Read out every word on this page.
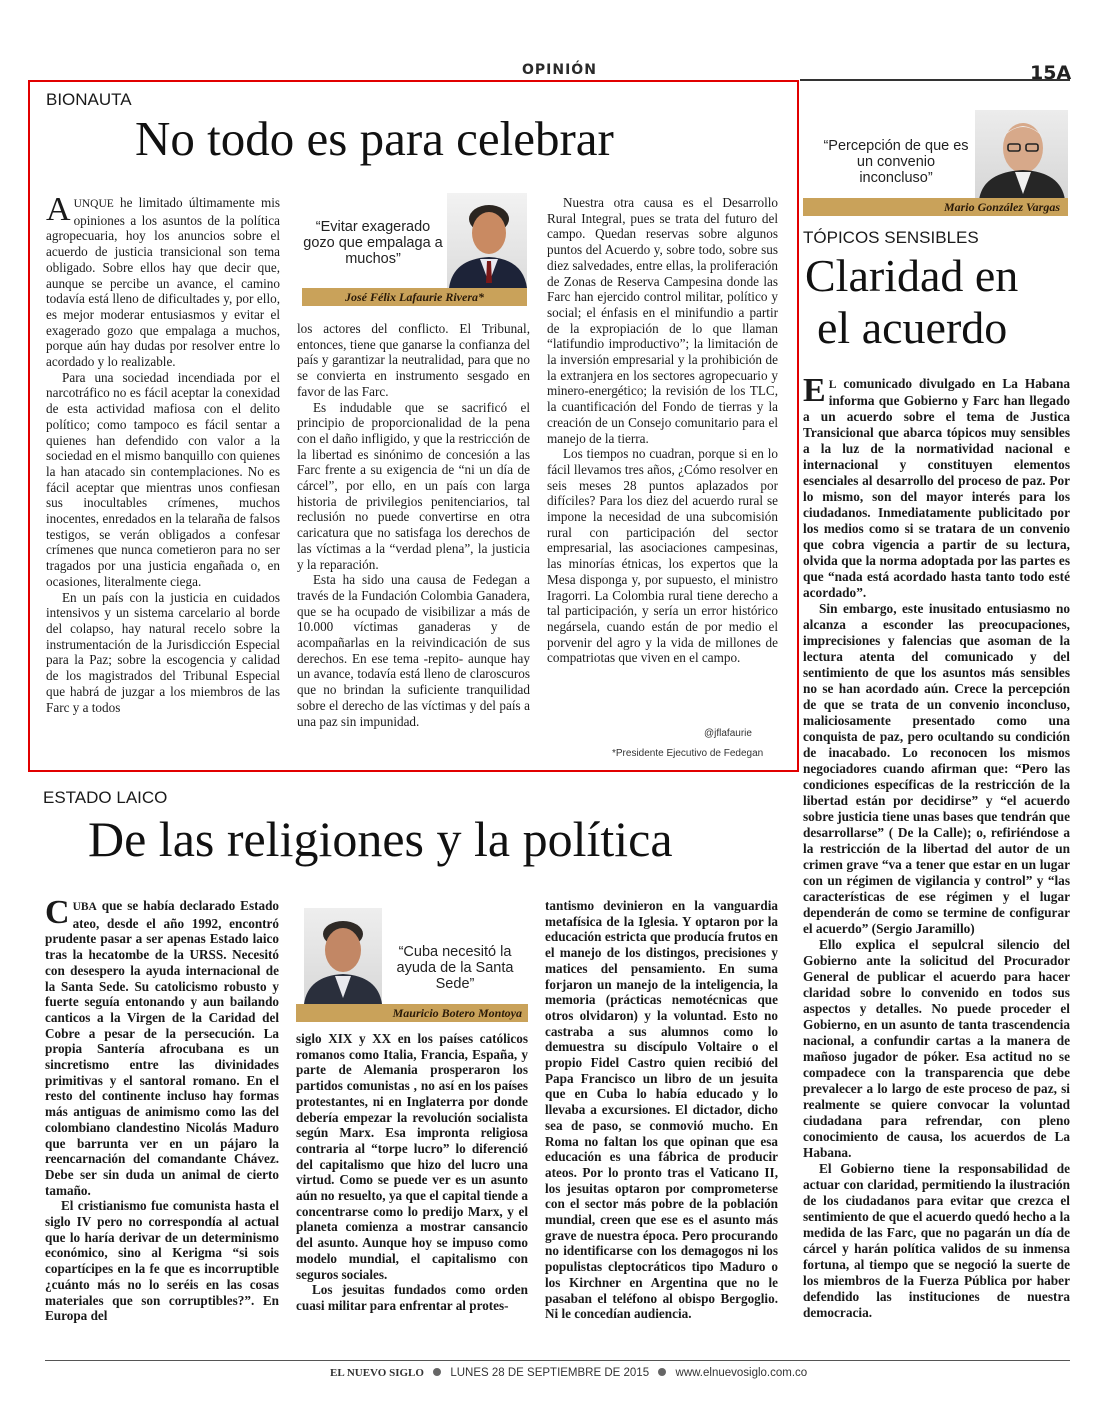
OPINIÓN	15A
BIONAUTA
No todo es para celebrar

AUNQUE he limitado últimamente mis opiniones a los asuntos de la política agropecuaria, hoy los anuncios sobre el acuerdo de justicia transicional son tema obligado. Sobre ellos hay que decir que, aunque se percibe un avance, el camino todavía está lleno de dificultades y, por ello, es mejor moderar entusiasmos y evitar el exagerado gozo que empalaga a muchos, porque aún hay dudas por resolver entre lo acordado y lo realizable.

Para una sociedad incendiada por el narcotráfico no es fácil aceptar la conexidad de esta actividad mafiosa con el delito político; como tampoco es fácil sentar a quienes han defendido con valor a la sociedad en el mismo banquillo con quienes la han atacado sin contemplaciones. No es fácil aceptar que mientras unos confiesan sus inocultables crímenes, muchos inocentes, enredados en la telaraña de falsos testigos, se verán obligados a confesar crímenes que nunca cometieron para no ser tragados por una justicia engañada o, en ocasiones, literalmente ciega.

En un país con la justicia en cuidados intensivos y un sistema carcelario al borde del colapso, hay natural recelo sobre la instrumentación de la Jurisdicción Especial para la Paz; sobre la escogencia y calidad de los magistrados del Tribunal Especial que habrá de juzgar a los miembros de las Farc y a todos

“Evitar exagerado gozo que empalaga a muchos”
José Félix Lafaurie Rivera*

los actores del conflicto. El Tribunal, entonces, tiene que ganarse la confianza del país y garantizar la neutralidad, para que no se convierta en instrumento sesgado en favor de las Farc.

Es indudable que se sacrificó el principio de proporcionalidad de la pena con el daño infligido, y que la restricción de la libertad es sinónimo de concesión a las Farc frente a su exigencia de “ni un día de cárcel”, por ello, en un país con larga historia de privilegios penitenciarios, tal reclusión no puede convertirse en otra caricatura que no satisfaga los derechos de las víctimas a la “verdad plena”, la justicia y la reparación.

Esta ha sido una causa de Fedegan a través de la Fundación Colombia Ganadera, que se ha ocupado de visibilizar a más de 10.000 víctimas ganaderas y de acompañarlas en la reivindicación de sus derechos. En ese tema -repito- aunque hay un avance, todavía está lleno de claroscuros que no brindan la suficiente tranquilidad sobre el derecho de las víctimas y del país a una paz sin impunidad.

Nuestra otra causa es el Desarrollo Rural Integral, pues se trata del futuro del campo. Quedan reservas sobre algunos puntos del Acuerdo y, sobre todo, sobre sus diez salvedades, entre ellas, la proliferación de Zonas de Reserva Campesina donde las Farc han ejercido control militar, político y social; el énfasis en el minifundio a partir de la expropiación de lo que llaman “latifundio improductivo”; la limitación de la inversión empresarial y la prohibición de la extranjera en los sectores agropecuario y minero-energético; la revisión de los TLC, la cuantificación del Fondo de tierras y la creación de un Consejo comunitario para el manejo de la tierra.

Los tiempos no cuadran, porque si en lo fácil llevamos tres años, ¿Cómo resolver en seis meses 28 puntos aplazados por difíciles? Para los diez del acuerdo rural se impone la necesidad de una subcomisión rural con participación del sector empresarial, las asociaciones campesinas, las minorías étnicas, los expertos que la Mesa disponga y, por supuesto, el ministro Iragorri. La Colombia rural tiene derecho a tal participación, y sería un error histórico negársela, cuando están de por medio el porvenir del agro y la vida de millones de compatriotas que viven en el campo.

@jflafaurie
*Presidente Ejecutivo de Fedegan
“Percepción de que es un convenio inconcluso”
Mario González Vargas
TÓPICOS SENSIBLES
Claridad en
el acuerdo

E L comunicado divulgado en La Habana informa que Gobierno y Farc han llegado a un acuerdo sobre el tema de Justica Transicional que abarca tópicos muy sensibles a la luz de la normatividad nacional e internacional y constituyen elementos esenciales al desarrollo del proceso de paz. Por lo mismo, son del mayor interés para los ciudadanos. Inmediatamente publicitado por los medios como si se tratara de un convenio que cobra vigencia a partir de su lectura, olvida que la norma adoptada por las partes es que “nada está acordado hasta tanto todo esté acordado”.

Sin embargo, este inusitado entusiasmo no alcanza a esconder las preocupaciones, imprecisiones y falencias que asoman de la lectura atenta del comunicado y del sentimiento de que los asuntos más sensibles no se han acordado aún. Crece la percepción de que se trata de un convenio inconcluso, maliciosamente presentado como una conquista de paz, pero ocultando su condición de inacabado. Lo reconocen los mismos negociadores cuando afirman que: “Pero las condiciones específicas de la restricción de la libertad están por decidirse” y “el acuerdo sobre justicia tiene unas bases que tendrán que desarrollarse” ( De la Calle); o, refiriéndose a la restricción de la libertad del autor de un crimen grave “va a tener que estar en un lugar con un régimen de vigilancia y control” y “las características de ese régimen y el lugar dependerán de como se termine de configurar el acuerdo” (Sergio Jaramillo)

Ello explica el sepulcral silencio del Gobierno ante la solicitud del Procurador General de publicar el acuerdo para hacer claridad sobre lo convenido en todos sus aspectos y detalles. No puede proceder el Gobierno, en un asunto de tanta trascendencia nacional, a confundir cartas a la manera de mañoso jugador de póker. Esa actitud no se compadece con la transparencia que debe prevalecer a lo largo de este proceso de paz, si realmente se quiere convocar la voluntad ciudadana para refrendar, con pleno conocimiento de causa, los acuerdos de La Habana.

El Gobierno tiene la responsabilidad de actuar con claridad, permitiendo la ilustración de los ciudadanos para evitar que crezca el sentimiento de que el acuerdo quedó hecho a la medida de las Farc, que no pagarán un día de cárcel y harán política validos de su inmensa fortuna, al tiempo que se negoció la suerte de los miembros de la Fuerza Pública por haber defendido las instituciones de nuestra democracia.

ESTADO LAICO
De las religiones y la política

CUBA que se había declarado Estado ateo, desde el año 1992, encontró prudente pasar a ser apenas Estado laico tras la hecatombe de la URSS. Necesitó con desespero la ayuda internacional de la Santa Sede. Su catolicismo robusto y fuerte seguía entonando y aun bailando canticos a la Virgen de la Caridad del Cobre a pesar de la persecución. La propia Santería afrocubana es un sincretismo entre las divinidades primitivas y el santoral romano. En el resto del continente incluso hay formas más antiguas de animismo como las del colombiano clandestino Nicolás Maduro que barrunta ver en un pájaro la reencarnación del comandante Chávez. Debe ser sin duda un animal de cierto tamaño.

El cristianismo fue comunista hasta el siglo IV pero no correspondía al actual que lo haría derivar de un determinismo económico, sino al Kerigma “si sois copartícipes en la fe que es incorruptible ¿cuánto más no lo seréis en las cosas materiales que son corruptibles?”. En Europa del

“Cuba necesitó la ayuda de la Santa Sede”
Mauricio Botero Montoya

siglo XIX y XX en los países católicos romanos como Italia, Francia, España, y parte de Alemania prosperaron los partidos comunistas , no así en los países protestantes, ni en Inglaterra por donde debería empezar la revolución socialista según Marx. Esa impronta religiosa contraria al “torpe lucro” lo diferenció del capitalismo que hizo del lucro una virtud. Como se puede ver es un asunto aún no resuelto, ya que el capital tiende a concentrarse como lo predijo Marx, y el planeta comienza a mostrar cansancio del asunto. Aunque hoy se impuso como modelo mundial, el capitalismo con seguros sociales.

Los jesuitas fundados como orden cuasi militar para enfrentar al protes-

tantismo devinieron en la vanguardia metafísica de la Iglesia. Y optaron por la educación estricta que producía frutos en el manejo de los distingos, precisiones y matices del pensamiento. En suma forjaron un manejo de la inteligencia, la memoria (prácticas nemotécnicas que otros olvidaron) y la voluntad. Esto no castraba a sus alumnos como lo demuestra su discípulo Voltaire o el propio Fidel Castro quien recibió del Papa Francisco un libro de un jesuita que en Cuba lo había educado y lo llevaba a excursiones. El dictador, dicho sea de paso, se conmovió mucho. En Roma no faltan los que opinan que esa educación es una fábrica de producir ateos. Por lo pronto tras el Vaticano II, los jesuitas optaron por comprometerse con el sector más pobre de la población mundial, creen que ese es el asunto más grave de nuestra época. Pero procurando no identificarse con los demagogos ni los populistas cleptocráticos tipo Maduro o los Kirchner en Argentina que no le pasaban el teléfono al obispo Bergoglio. Ni le concedían audiencia.

EL NUEVO SIGLO LUNES 28 DE SEPTIEMBRE DE 2015 www.elnuevosiglo.com.co
